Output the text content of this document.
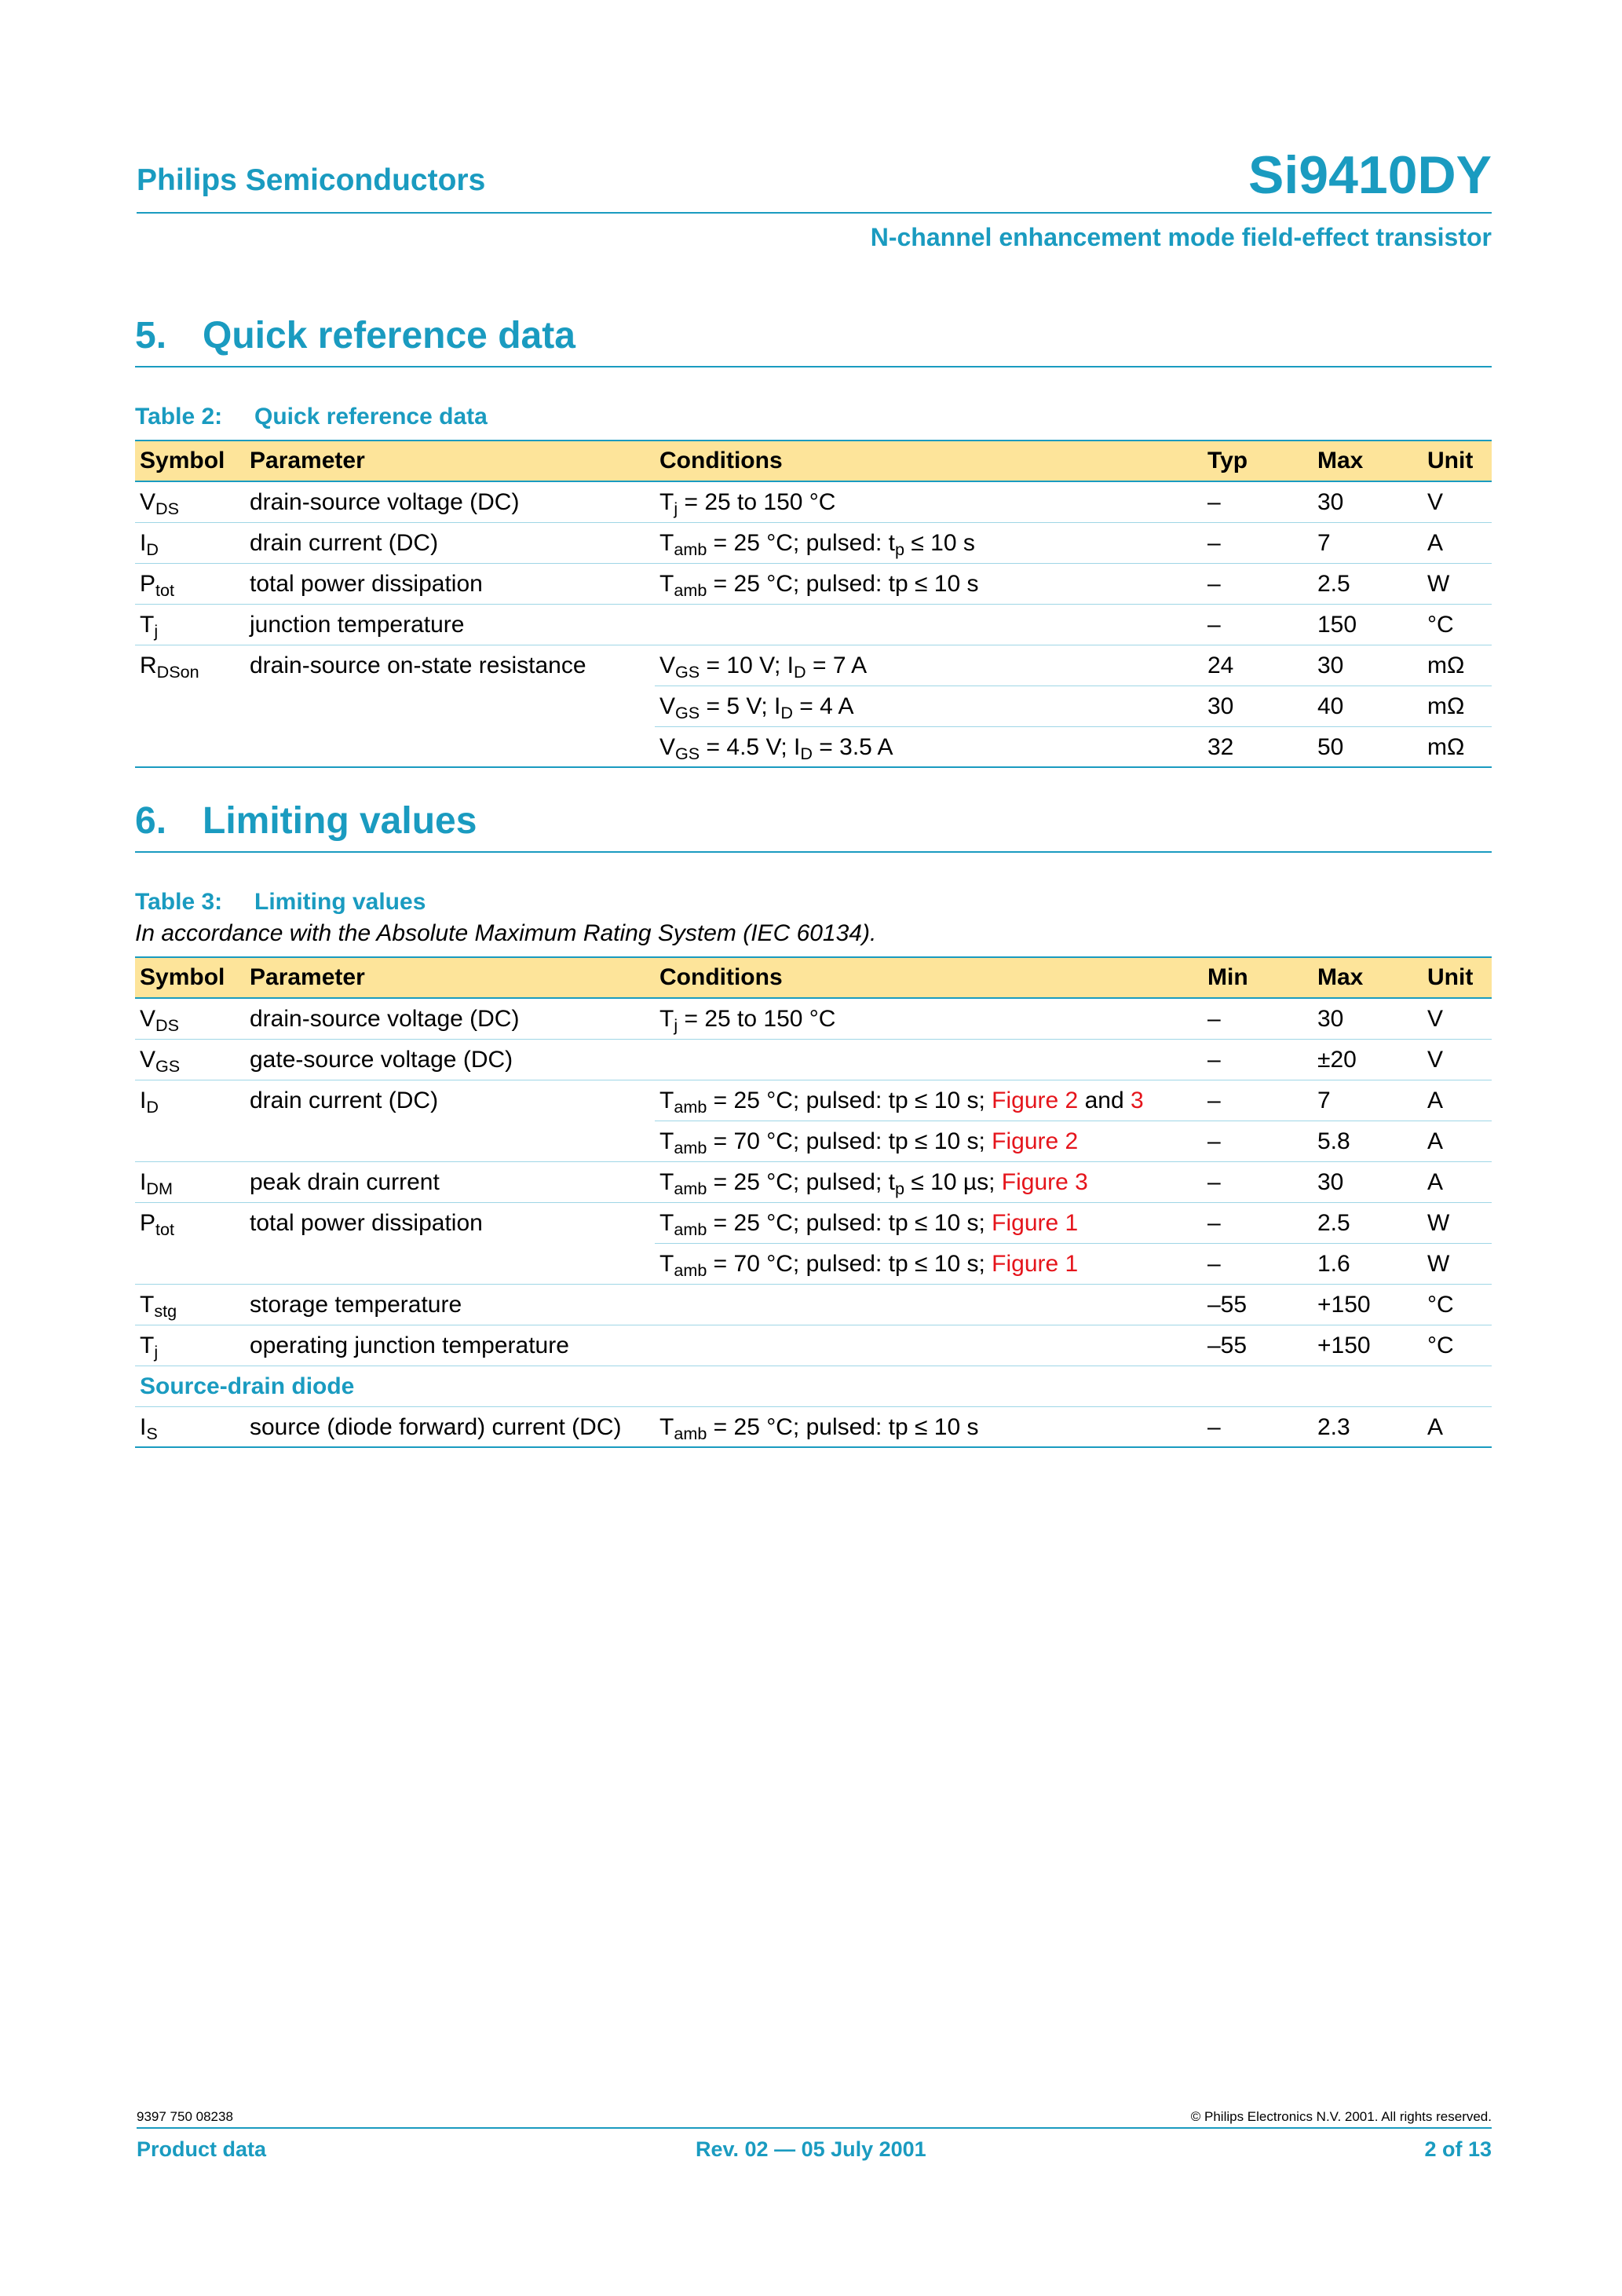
Philips Semiconductors	Si9410DY
N-channel enhancement mode field-effect transistor
5. Quick reference data
Table 2: Quick reference data
Symbol	Parameter	Conditions	Typ	Max	Unit
$V_{DS}$	drain-source voltage (DC)	$T_j = 25$ to 150 °C	–	30	V
$I_D$	drain current (DC)	$T_{amb} = 25$ °C; pulsed: $t_p \le 10$ s	–	7	A
$P_{tot}$	total power dissipation	$T_{amb} = 25$ °C; pulsed: tp ≤ 10 s	–	2.5	W
$T_j$	junction temperature		–	150	°C
$R_{DSon}$	drain-source on-state resistance	$V_{GS} = 10$ V; $I_D = 7$ A	24	30	mΩ
		$V_{GS} = 5$ V; $I_D = 4$ A	30	40	mΩ
		$V_{GS} = 4.5$ V; $I_D = 3.5$ A	32	50	mΩ
6. Limiting values
Table 3: Limiting values
In accordance with the Absolute Maximum Rating System (IEC 60134).
Symbol	Parameter	Conditions	Min	Max	Unit
$V_{DS}$	drain-source voltage (DC)	$T_j = 25$ to 150 °C	–	30	V
$V_{GS}$	gate-source voltage (DC)		–	±20	V
$I_D$	drain current (DC)	$T_{amb} = 25$ °C; pulsed: tp ≤ 10 s; Figure 2 and 3	–	7	A
		$T_{amb} = 70$ °C; pulsed: tp ≤ 10 s; Figure 2	–	5.8	A
$I_{DM}$	peak drain current	$T_{amb} = 25$ °C; pulsed; $t_p \le 10$ µs; Figure 3	–	30	A
$P_{tot}$	total power dissipation	$T_{amb} = 25$ °C; pulsed: tp ≤ 10 s; Figure 1	–	2.5	W
		$T_{amb} = 70$ °C; pulsed: tp ≤ 10 s; Figure 1	–	1.6	W
$T_{stg}$	storage temperature		–55	+150	°C
$T_j$	operating junction temperature		–55	+150	°C
Source-drain diode					
$I_S$	source (diode forward) current (DC)	$T_{amb} = 25$ °C; pulsed: tp ≤ 10 s	–	2.3	A
9397 750 08238	© Philips Electronics N.V. 2001. All rights reserved.
Product data	Rev. 02 — 05 July 2001	2 of 13
